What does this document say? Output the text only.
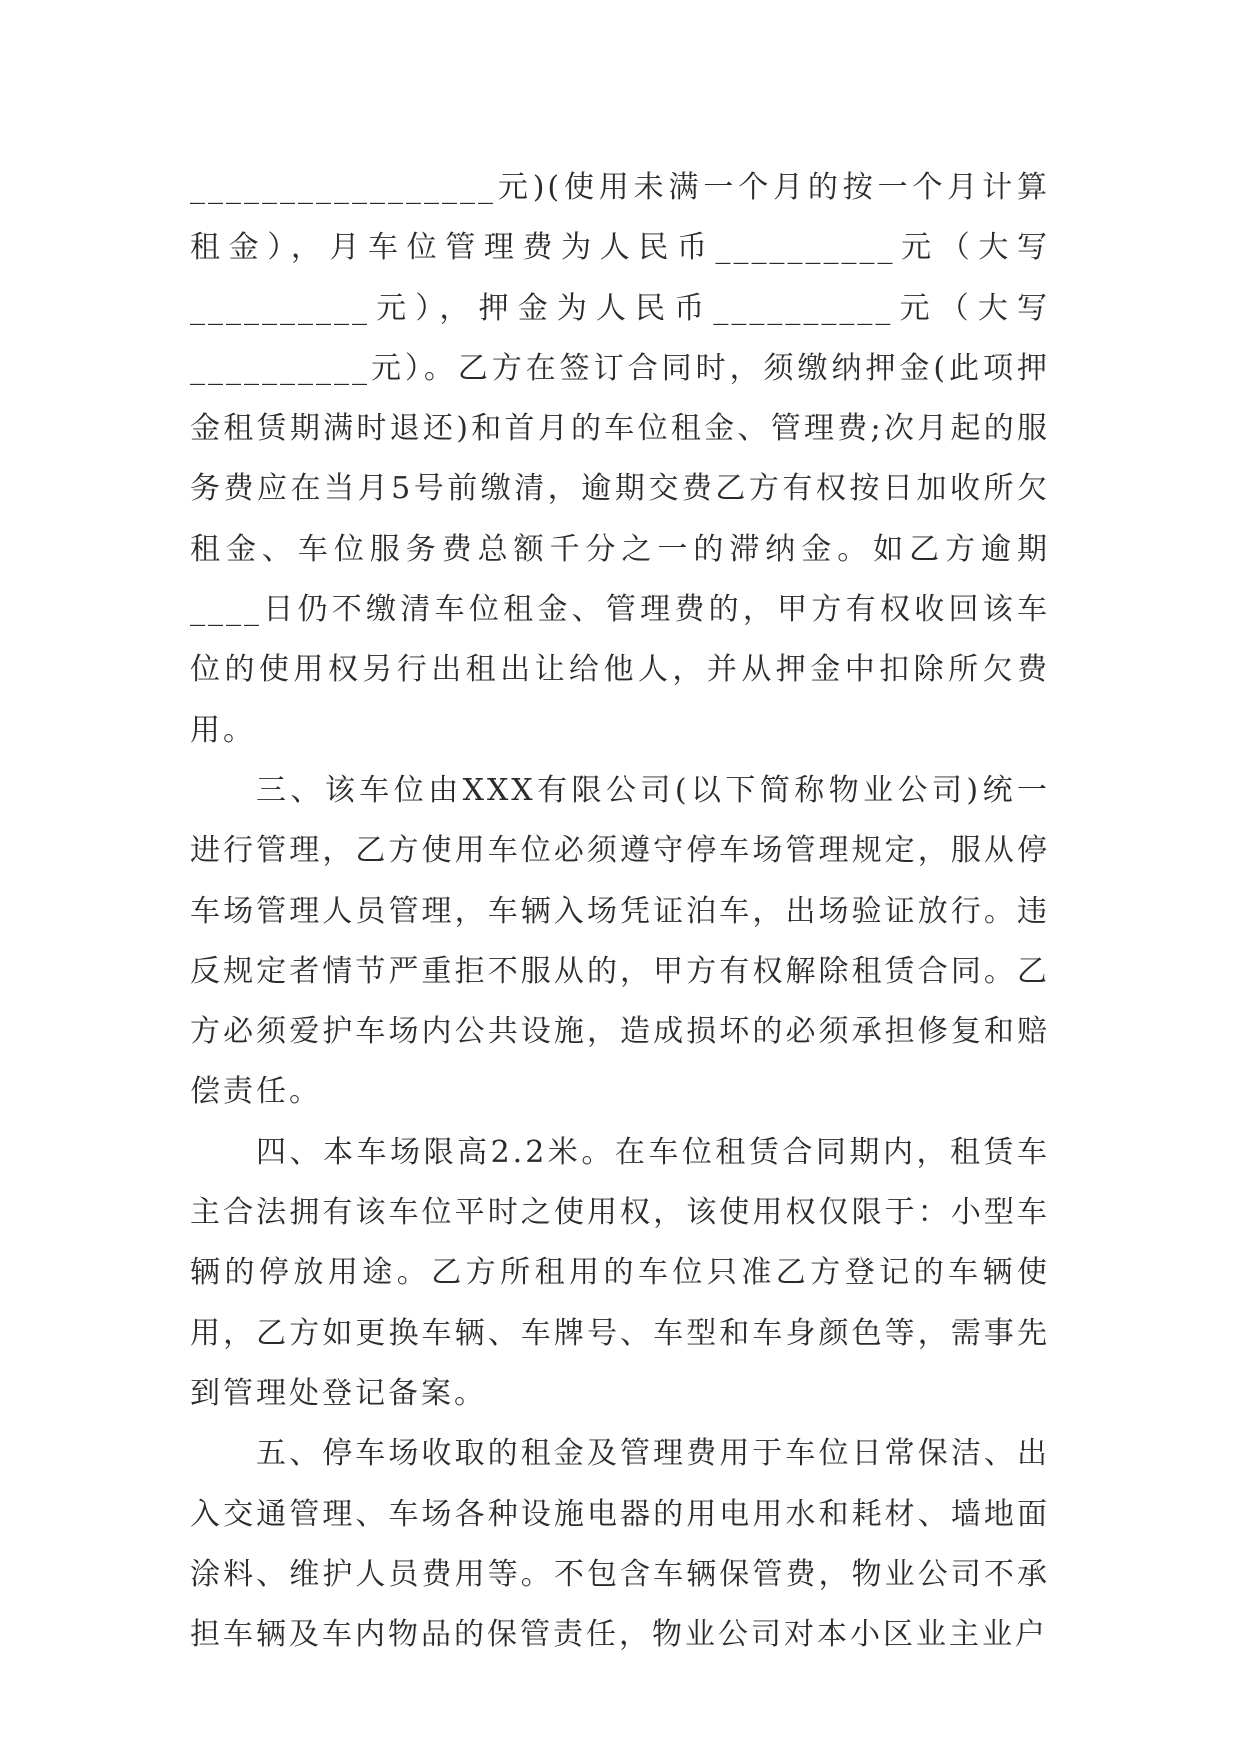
_________________元)(使用未满一个月的按一个月计算租金），月车位管理费为人民币__________元（大写__________元），押金为人民币__________元（大写__________元）。乙方在签订合同时，须缴纳押金(此项押金租赁期满时退还)和首月的车位租金、管理费;次月起的服务费应在当月5号前缴清，逾期交费乙方有权按日加收所欠租金、车位服务费总额千分之一的滞纳金。如乙方逾期____日仍不缴清车位租金、管理费的，甲方有权收回该车位的使用权另行出租出让给他人，并从押金中扣除所欠费用。

三、该车位由XXX有限公司(以下简称物业公司)统一进行管理，乙方使用车位必须遵守停车场管理规定，服从停车场管理人员管理，车辆入场凭证泊车，出场验证放行。违反规定者情节严重拒不服从的，甲方有权解除租赁合同。乙方必须爱护车场内公共设施，造成损坏的必须承担修复和赔偿责任。

四、本车场限高2.2米。在车位租赁合同期内，租赁车主合法拥有该车位平时之使用权，该使用权仅限于：小型车辆的停放用途。乙方所租用的车位只准乙方登记的车辆使用，乙方如更换车辆、车牌号、车型和车身颜色等，需事先到管理处登记备案。

五、停车场收取的租金及管理费用于车位日常保洁、出入交通管理、车场各种设施电器的用电用水和耗材、墙地面涂料、维护人员费用等。不包含车辆保管费，物业公司不承担车辆及车内物品的保管责任，物业公司对本小区业主业户
